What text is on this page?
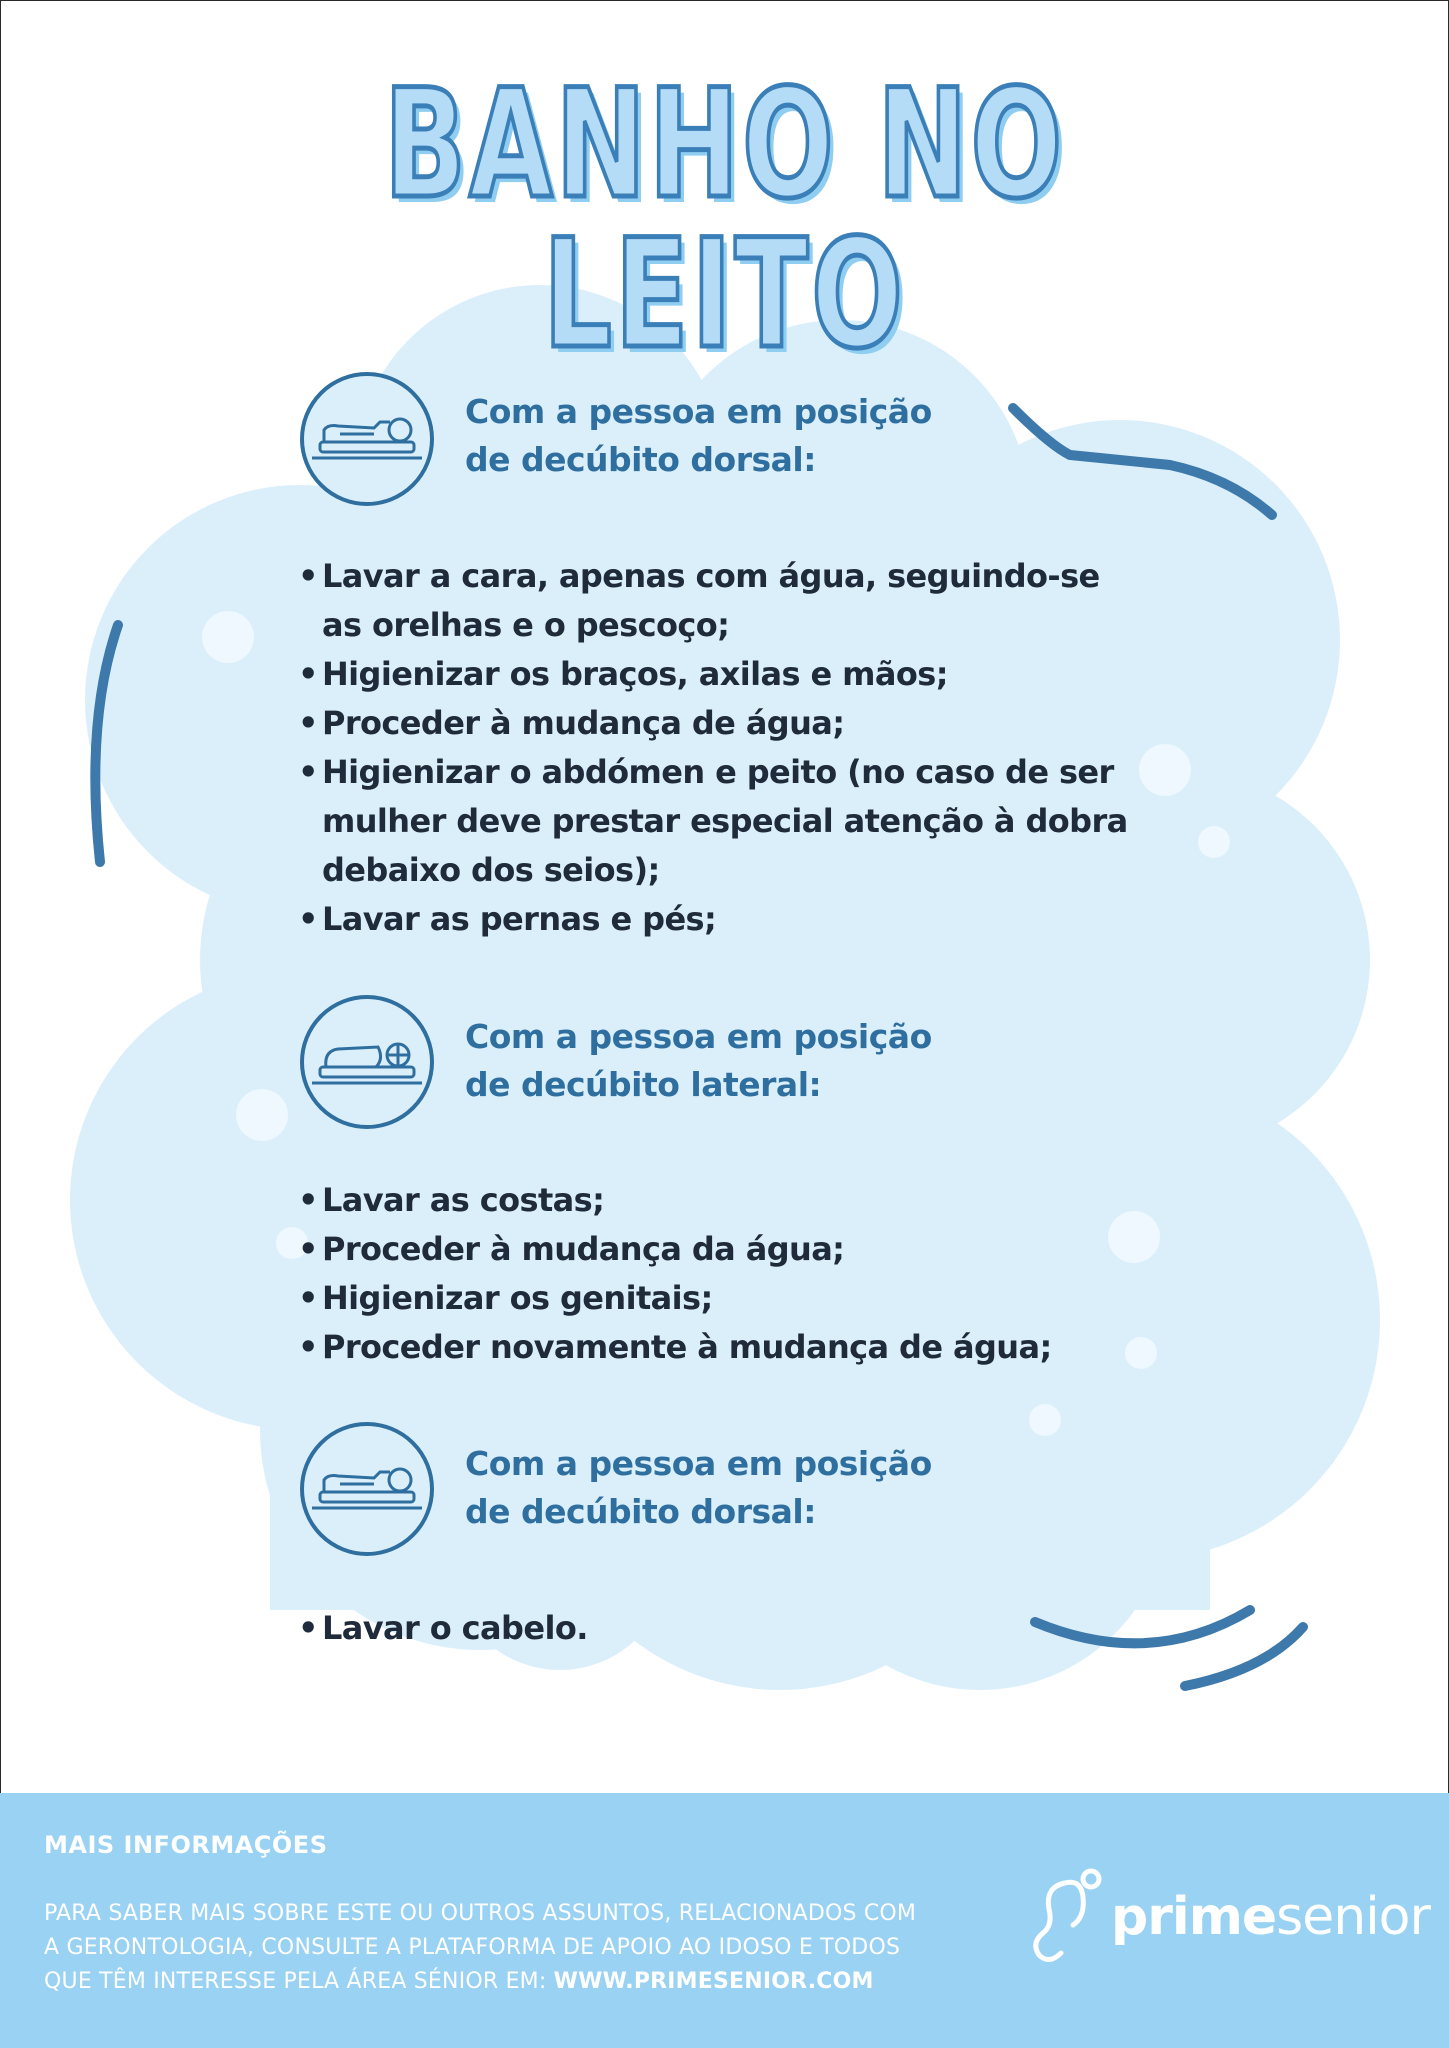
BANHO NO LEITO
Com a pessoa em posição
de decúbito dorsal:
• Lavar a cara, apenas com água, seguindo-se
as orelhas e o pescoço;
• Higienizar os braços, axilas e mãos;
• Proceder à mudança de água;
• Higienizar o abdómen e peito (no caso de ser
mulher deve prestar especial atenção à dobra
debaixo dos seios);
• Lavar as pernas e pés;
Com a pessoa em posição
de decúbito lateral:
• Lavar as costas;
• Proceder à mudança da água;
• Higienizar os genitais;
• Proceder novamente à mudança de água;
Com a pessoa em posição
de decúbito dorsal:
• Lavar o cabelo.
MAIS INFORMAÇÕES
PARA SABER MAIS SOBRE ESTE OU OUTROS ASSUNTOS, RELACIONADOS COM
A GERONTOLOGIA, CONSULTE A PLATAFORMA DE APOIO AO IDOSO E TODOS
QUE TÊM INTERESSE PELA ÁREA SÉNIOR EM: WWW.PRIMESENIOR.COM
primesenior
